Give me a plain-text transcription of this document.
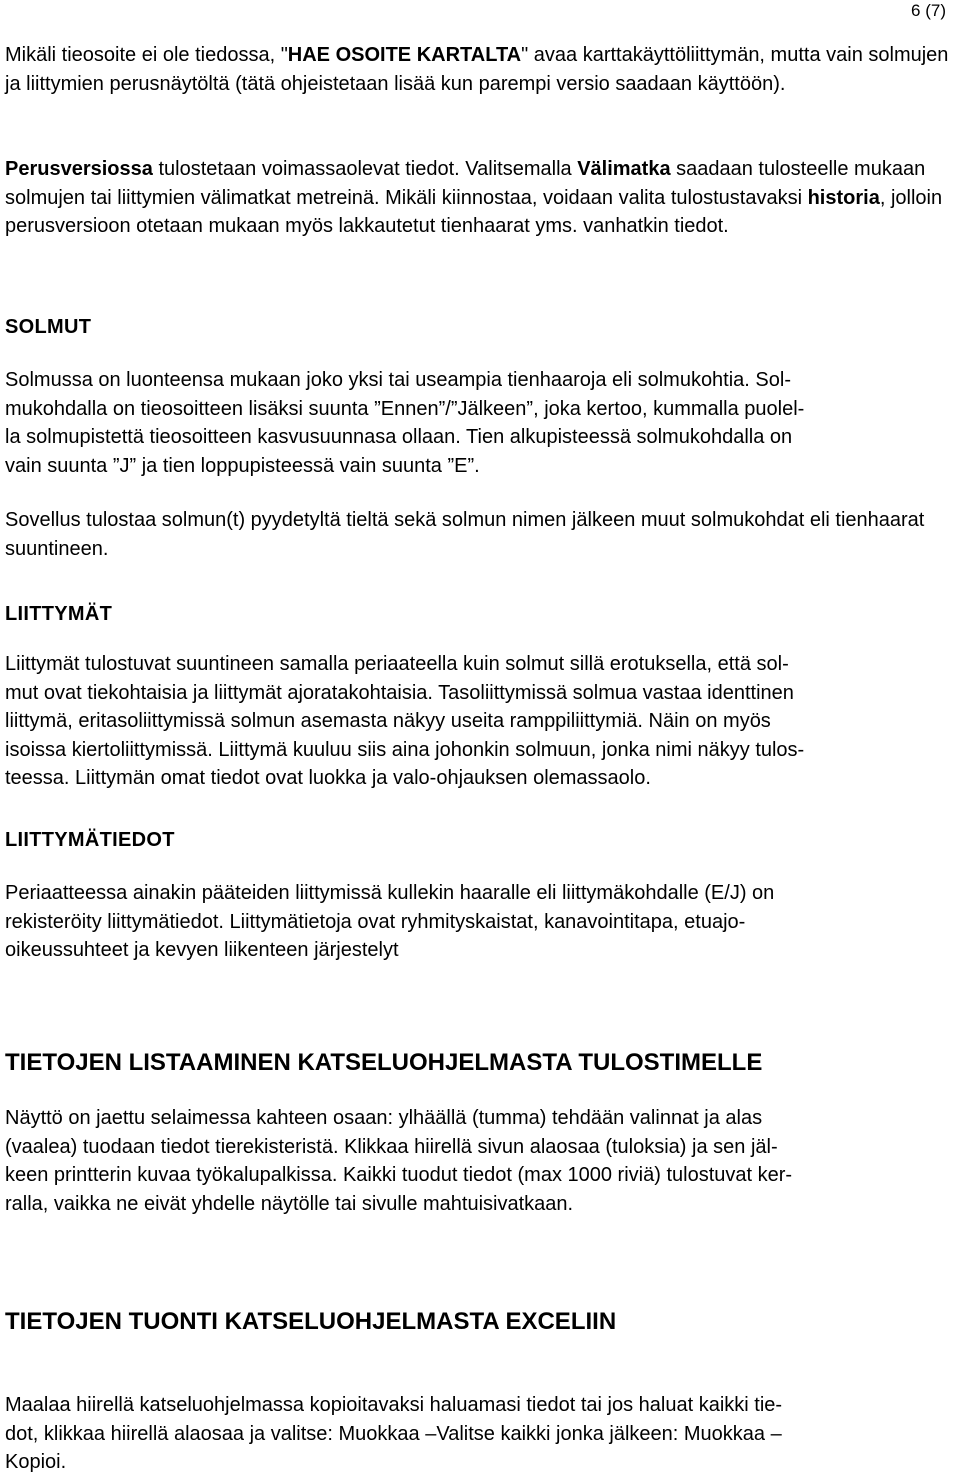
6 (7)

Mikäli tieosoite ei ole tiedossa, "HAE OSOITE KARTALTA" avaa karttakäyttöliittymän, mutta vain solmujen ja liittymien perusnäytöltä (tätä ohjeistetaan lisää kun parempi versio saadaan käyttöön).

Perusversiossa tulostetaan voimassaolevat tiedot. Valitsemalla Välimatka saadaan tulosteelle mukaan solmujen tai liittymien välimatkat metreinä. Mikäli kiinnostaa, voidaan valita tulostustavaksi historia, jolloin perusversioon otetaan mukaan myös lakkautetut tienhaarat yms. vanhatkin tiedot.

SOLMUT

Solmussa on luonteensa mukaan joko yksi tai useampia tienhaaroja eli solmukohtia. Sol-

mukohdalla on tieosoitteen lisäksi suunta ”Ennen”/”Jälkeen”, joka kertoo, kummalla puolel-

la solmupistettä tieosoitteen kasvusuunnasa ollaan. Tien alkupisteessä solmukohdalla on

vain suunta ”J” ja tien loppupisteessä vain suunta ”E”.

Sovellus tulostaa solmun(t) pyydetyltä tieltä sekä solmun nimen jälkeen muut solmukohdat eli tienhaarat suuntineen.

LIITTYMÄT

Liittymät tulostuvat suuntineen samalla periaateella kuin solmut sillä erotuksella, että sol-

mut ovat tiekohtaisia ja liittymät ajoratakohtaisia. Tasoliittymissä solmua vastaa identtinen

liittymä, eritasoliittymissä solmun asemasta näkyy useita ramppiliittymiä. Näin on myös

isoissa kiertoliittymissä. Liittymä kuuluu siis aina johonkin solmuun, jonka nimi näkyy tulos-

teessa. Liittymän omat tiedot ovat luokka ja valo-ohjauksen olemassaolo.

LIITTYMÄTIEDOT

Periaatteessa ainakin pääteiden liittymissä kullekin haaralle eli liittymäkohdalle (E/J) on

rekisteröity liittymätiedot. Liittymätietoja ovat ryhmityskaistat, kanavointitapa, etuajo-

oikeussuhteet ja kevyen liikenteen järjestelyt

TIETOJEN LISTAAMINEN KATSELUOHJELMASTA TULOSTIMELLE

Näyttö on jaettu selaimessa kahteen osaan: ylhäällä (tumma) tehdään valinnat ja alas

(vaalea) tuodaan tiedot tierekisteristä. Klikkaa hiirellä sivun alaosaa (tuloksia) ja sen jäl-

keen printterin kuvaa työkalupalkissa. Kaikki tuodut tiedot (max 1000 riviä) tulostuvat ker-

ralla, vaikka ne eivät yhdelle näytölle tai sivulle mahtuisivatkaan.

TIETOJEN TUONTI KATSELUOHJELMASTA EXCELIIN

Maalaa hiirellä katseluohjelmassa kopioitavaksi haluamasi tiedot tai jos haluat kaikki tie-

dot, klikkaa hiirellä alaosaa ja valitse: Muokkaa –Valitse kaikki jonka jälkeen: Muokkaa –

Kopioi.
